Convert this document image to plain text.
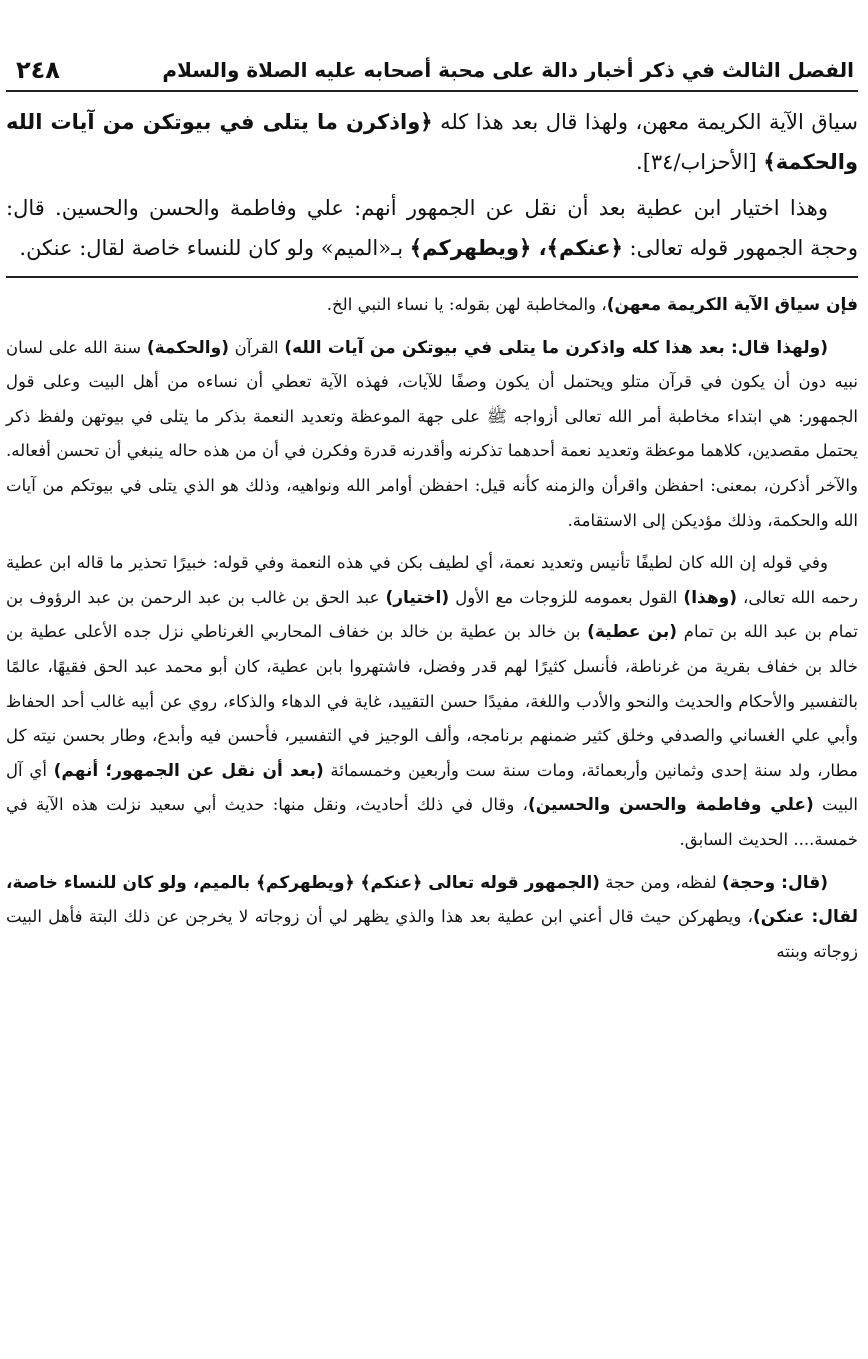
الفصل الثالث في ذكر أخبار دالة على محبة أصحابه عليه الصلاة والسلام
٢٤٨

سياق الآية الكريمة معهن، ولهذا قال بعد هذا كله ﴿واذكرن ما يتلى في بيوتكن من آيات الله والحكمة﴾ [الأحزاب/٣٤].

وهذا اختيار ابن عطية بعد أن نقل عن الجمهور أنهم: علي وفاطمة والحسن والحسين. قال: وحجة الجمهور قوله تعالى: ﴿عنكم﴾، ﴿ويطهركم﴾ بـ«الميم» ولو كان للنساء خاصة لقال: عنكن.

فإن سياق الآية الكريمة معهن)، والمخاطبة لهن بقوله: يا نساء النبي الخ.

(ولهذا قال: بعد هذا كله واذكرن ما يتلى في بيوتكن من آيات الله) القرآن (والحكمة) سنة الله على لسان نبيه دون أن يكون في قرآن متلو ويحتمل أن يكون وصفًا للآيات، فهذه الآية تعطي أن نساءه من أهل البيت وعلى قول الجمهور: هي ابتداء مخاطبة أمر الله تعالى أزواجه ﷺ على جهة الموعظة وتعديد النعمة بذكر ما يتلى في بيوتهن ولفظ ذكر يحتمل مقصدين، كلاهما موعظة وتعديد نعمة أحدهما تذكرنه وأقدرنه قدرة وفكرن في أن من هذه حاله ينبغي أن تحسن أفعاله. والآخر أذكرن، بمعنى: احفظن واقرأن والزمنه كأنه قيل: احفظن أوامر الله ونواهيه، وذلك هو الذي يتلى في بيوتكم من آيات الله والحكمة، وذلك مؤديكن إلى الاستقامة.

وفي قوله إن الله كان لطيفًا تأنيس وتعديد نعمة، أي لطيف بكن في هذه النعمة وفي قوله: خبيرًا تحذير ما قاله ابن عطية رحمه الله تعالى، (وهذا) القول بعمومه للزوجات مع الأول (اختيار) عبد الحق بن غالب بن عبد الرحمن بن عبد الرؤوف بن تمام بن عبد الله بن تمام (بن عطية) بن خالد بن عطية بن خالد بن خفاف المحاربي الغرناطي نزل جده الأعلى عطية بن خالد بن خفاف بقرية من غرناطة، فأنسل كثيرًا لهم قدر وفضل، فاشتهروا بابن عطية، كان أبو محمد عبد الحق فقيهًا، عالمًا بالتفسير والأحكام والحديث والنحو والأدب واللغة، مفيدًا حسن التقييد، غاية في الدهاء والذكاء، روي عن أبيه غالب أحد الحفاظ وأبي علي الغساني والصدفي وخلق كثير ضمنهم برنامجه، وألف الوجيز في التفسير، فأحسن فيه وأبدع، وطار بحسن نيته كل مطار، ولد سنة إحدى وثمانين وأربعمائة، ومات سنة ست وأربعين وخمسمائة (بعد أن نقل عن الجمهور؛ أنهم) أي آل البيت (علي وفاطمة والحسن والحسين)، وقال في ذلك أحاديث، ونقل منها: حديث أبي سعيد نزلت هذه الآية في خمسة.... الحديث السابق.

(قال: وحجة) لفظه، ومن حجة (الجمهور قوله تعالى ﴿عنكم﴾ ﴿ويطهركم﴾ بالميم، ولو كان للنساء خاصة، لقال: عنكن)، ويطهركن حيث قال أعني ابن عطية بعد هذا والذي يظهر لي أن زوجاته لا يخرجن عن ذلك البتة فأهل البيت زوجاته وبنته
